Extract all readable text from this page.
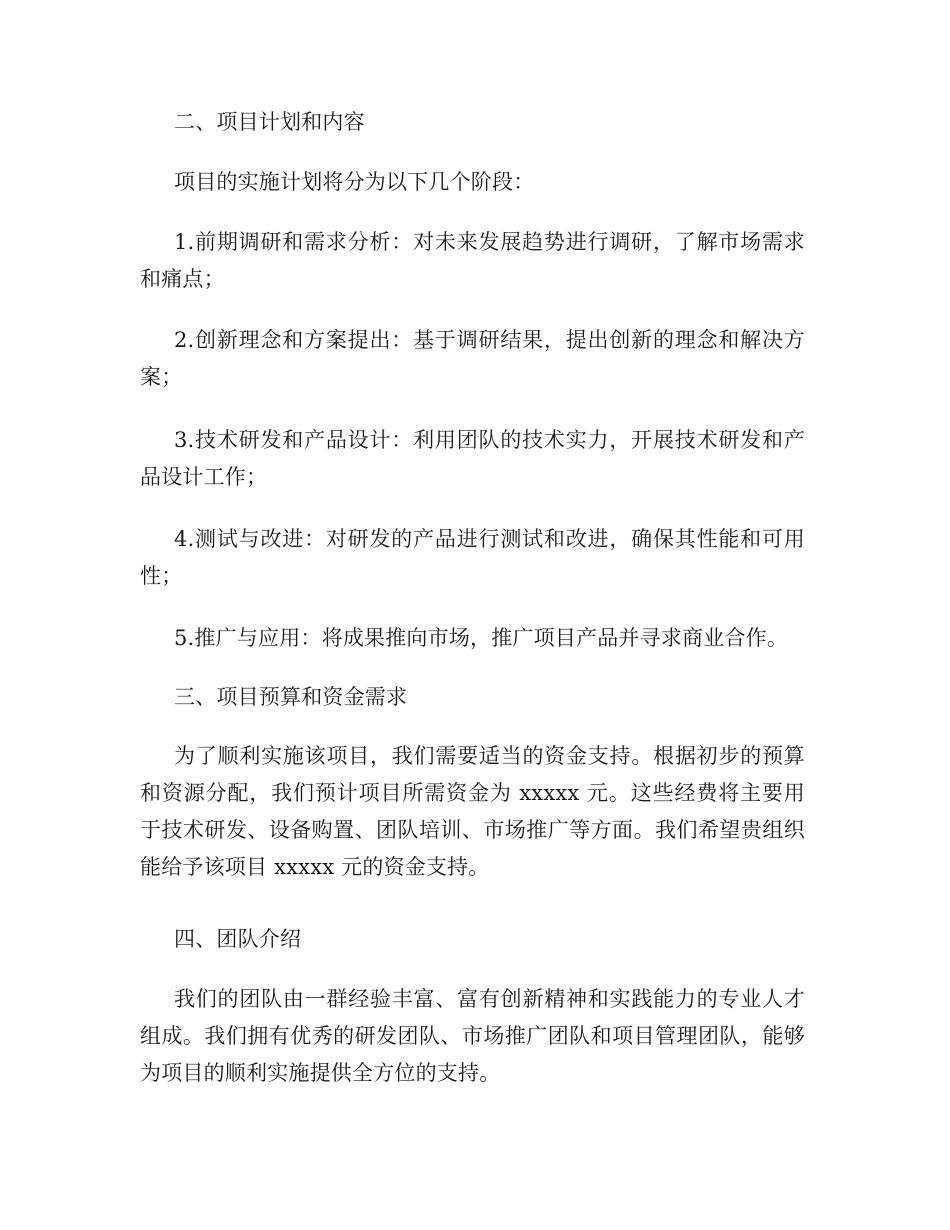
二、项目计划和内容

项目的实施计划将分为以下几个阶段：

1.前期调研和需求分析：对未来发展趋势进行调研，了解市场需求和痛点；

2.创新理念和方案提出：基于调研结果，提出创新的理念和解决方案；

3.技术研发和产品设计：利用团队的技术实力，开展技术研发和产品设计工作；

4.测试与改进：对研发的产品进行测试和改进，确保其性能和可用性；

5.推广与应用：将成果推向市场，推广项目产品并寻求商业合作。

三、项目预算和资金需求

为了顺利实施该项目，我们需要适当的资金支持。根据初步的预算和资源分配，我们预计项目所需资金为 xxxxx 元。这些经费将主要用于技术研发、设备购置、团队培训、市场推广等方面。我们希望贵组织能给予该项目 xxxxx 元的资金支持。

四、团队介绍

我们的团队由一群经验丰富、富有创新精神和实践能力的专业人才组成。我们拥有优秀的研发团队、市场推广团队和项目管理团队，能够为项目的顺利实施提供全方位的支持。
